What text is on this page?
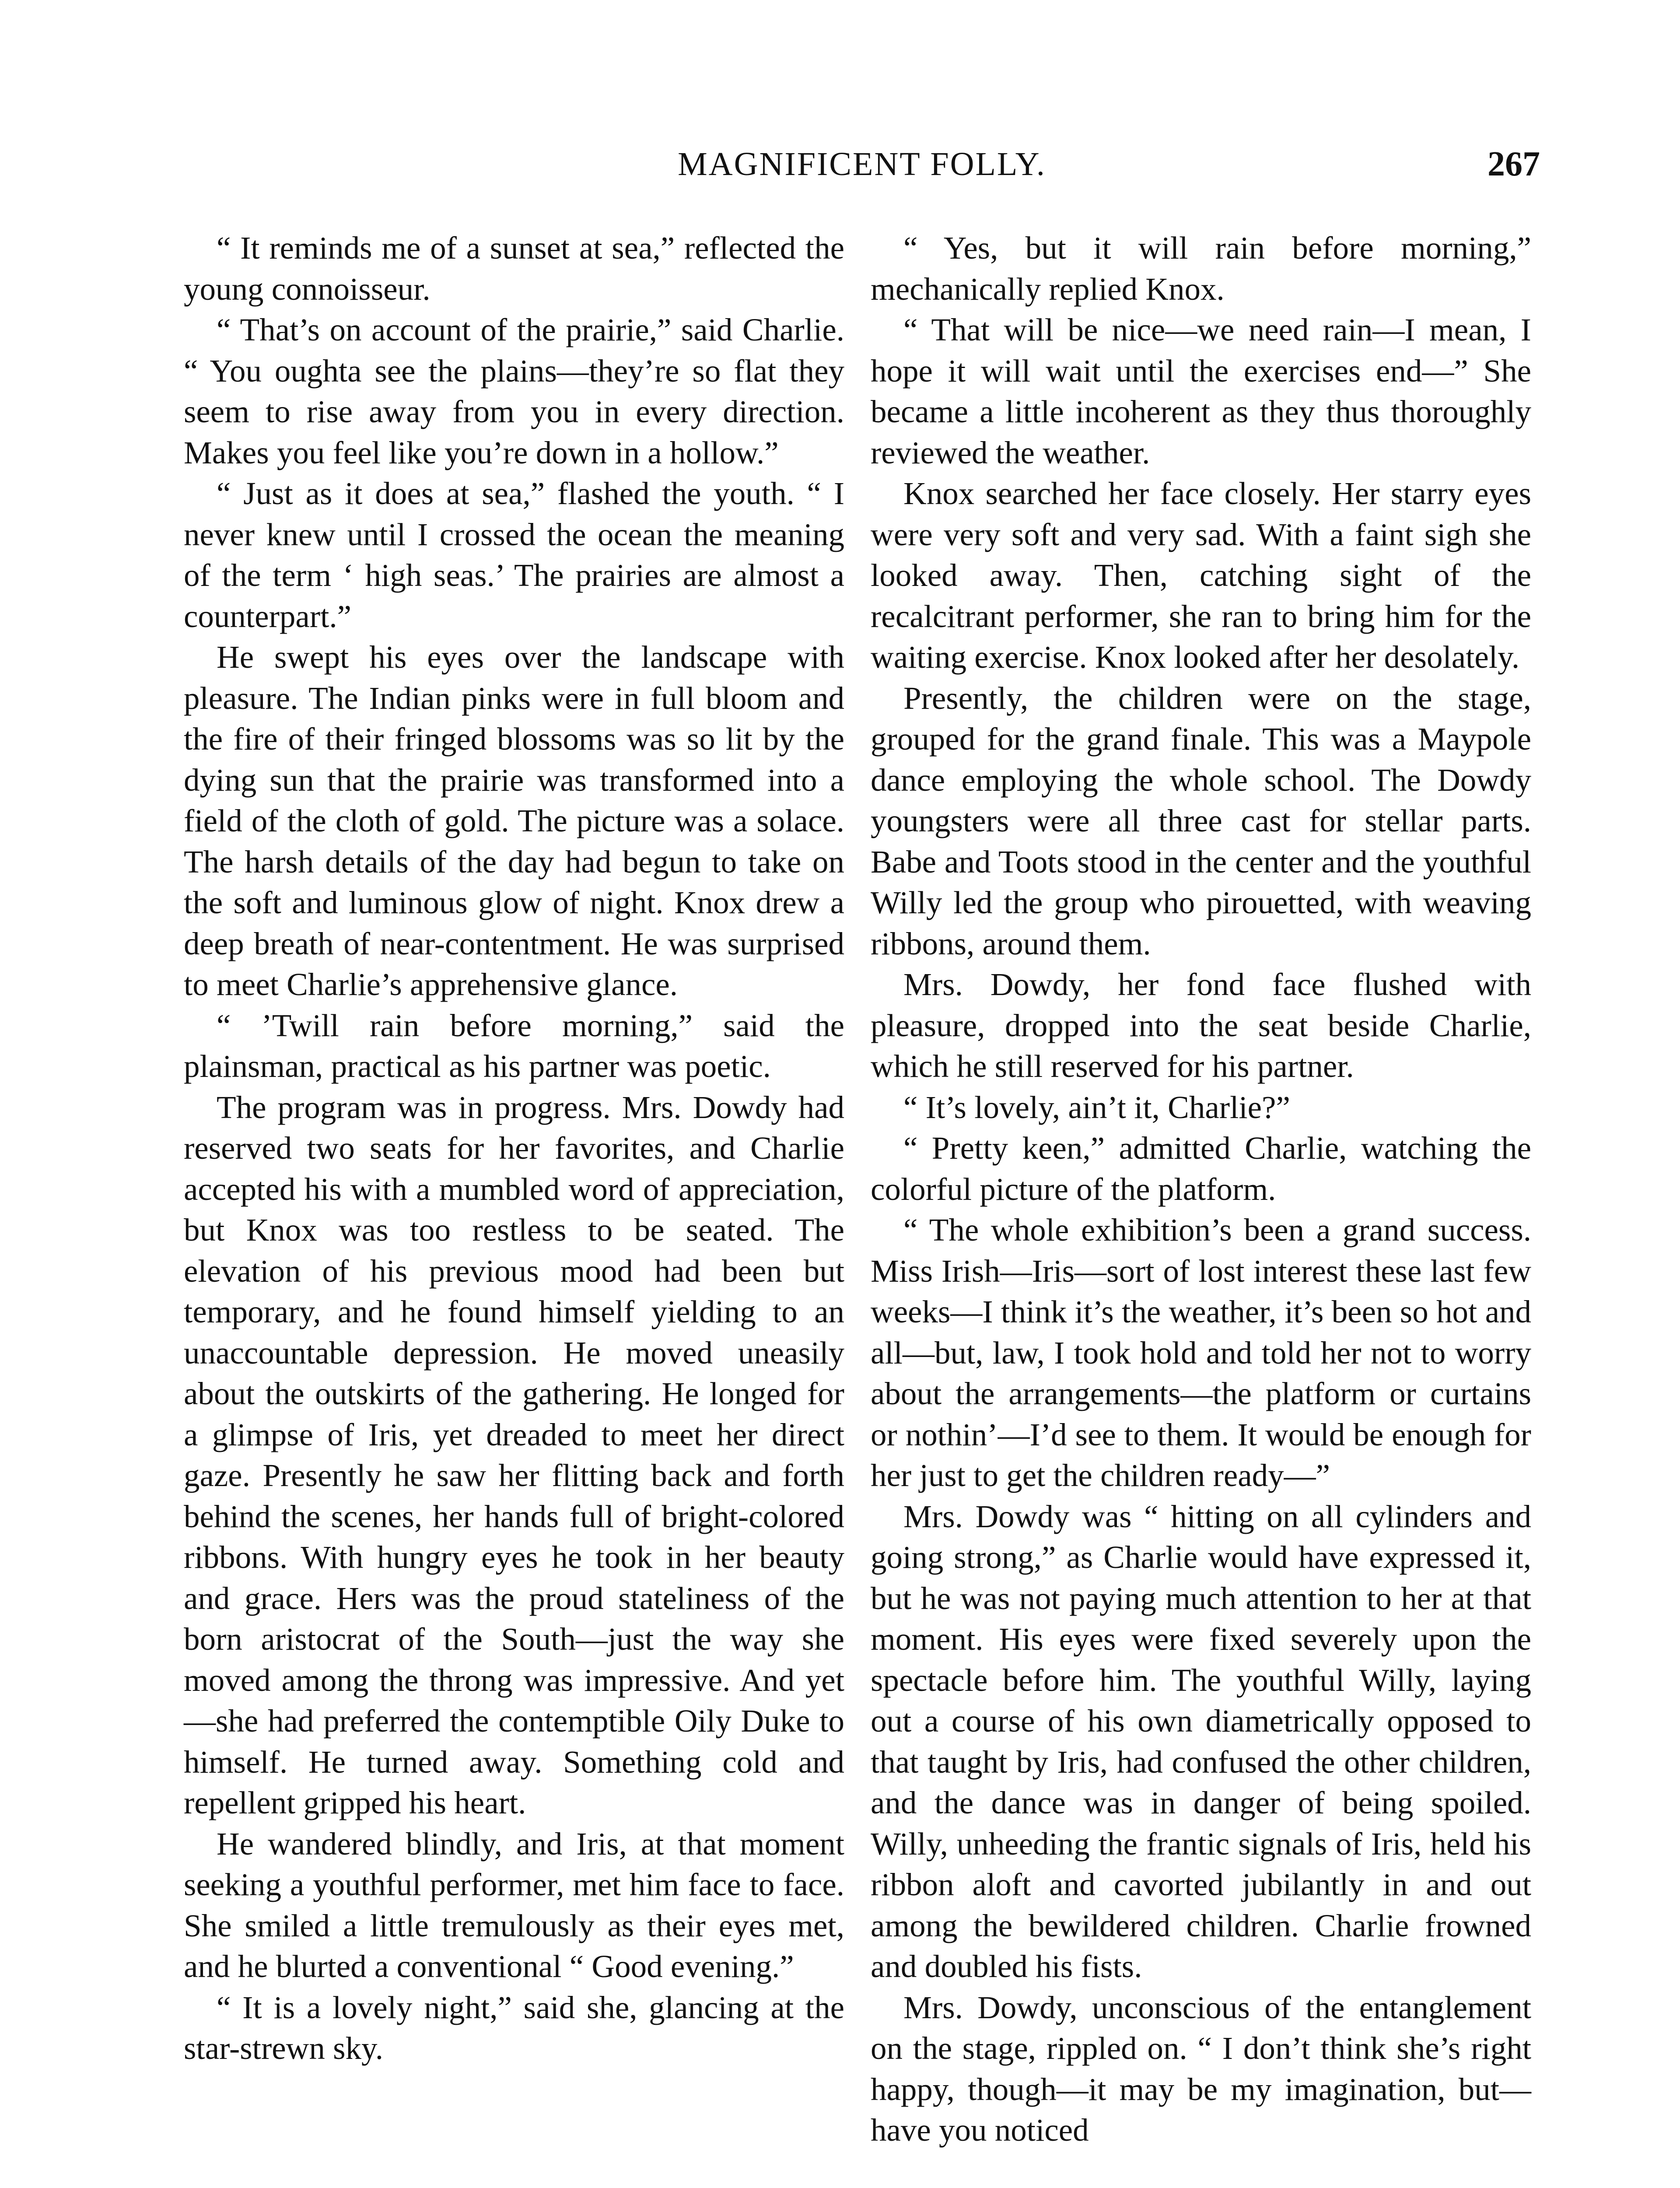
MAGNIFICENT FOLLY.	267

“ It reminds me of a sunset at sea,” reflected the young connoisseur.

“ That’s on account of the prairie,” said Charlie. “ You oughta see the plains—they’re so flat they seem to rise away from you in every direction. Makes you feel like you’re down in a hollow.”

“ Just as it does at sea,” flashed the youth. “ I never knew until I crossed the ocean the meaning of the term ‘ high seas.’ The prairies are almost a counterpart.”

He swept his eyes over the landscape with pleasure. The Indian pinks were in full bloom and the fire of their fringed blossoms was so lit by the dying sun that the prairie was transformed into a field of the cloth of gold. The picture was a solace. The harsh details of the day had begun to take on the soft and luminous glow of night. Knox drew a deep breath of near-contentment. He was surprised to meet Charlie’s apprehensive glance.

“ ’Twill rain before morning,” said the plainsman, practical as his partner was poetic.

The program was in progress. Mrs. Dowdy had reserved two seats for her favorites, and Charlie accepted his with a mumbled word of appreciation, but Knox was too restless to be seated. The elevation of his previous mood had been but temporary, and he found himself yielding to an unaccountable depression. He moved uneasily about the outskirts of the gathering. He longed for a glimpse of Iris, yet dreaded to meet her direct gaze. Presently he saw her flitting back and forth behind the scenes, her hands full of bright-colored ribbons. With hungry eyes he took in her beauty and grace. Hers was the proud stateliness of the born aristocrat of the South—just the way she moved among the throng was impressive. And yet—she had preferred the contemptible Oily Duke to himself. He turned away. Something cold and repellent gripped his heart.

He wandered blindly, and Iris, at that moment seeking a youthful performer, met him face to face. She smiled a little tremulously as their eyes met, and he blurted a conventional “ Good evening.”

“ It is a lovely night,” said she, glancing at the star-strewn sky.

“ Yes, but it will rain before morning,” mechanically replied Knox.

“ That will be nice—we need rain—I mean, I hope it will wait until the exercises end—” She became a little incoherent as they thus thoroughly reviewed the weather.

Knox searched her face closely. Her starry eyes were very soft and very sad. With a faint sigh she looked away. Then, catching sight of the recalcitrant performer, she ran to bring him for the waiting exercise. Knox looked after her desolately.

Presently, the children were on the stage, grouped for the grand finale. This was a Maypole dance employing the whole school. The Dowdy youngsters were all three cast for stellar parts. Babe and Toots stood in the center and the youthful Willy led the group who pirouetted, with weaving ribbons, around them.

Mrs. Dowdy, her fond face flushed with pleasure, dropped into the seat beside Charlie, which he still reserved for his partner.

“ It’s lovely, ain’t it, Charlie?”

“ Pretty keen,” admitted Charlie, watching the colorful picture of the platform.

“ The whole exhibition’s been a grand success. Miss Irish—Iris—sort of lost interest these last few weeks—I think it’s the weather, it’s been so hot and all—but, law, I took hold and told her not to worry about the arrangements—the platform or curtains or nothin’—I’d see to them. It would be enough for her just to get the children ready—”

Mrs. Dowdy was “ hitting on all cylinders and going strong,” as Charlie would have expressed it, but he was not paying much attention to her at that moment. His eyes were fixed severely upon the spectacle before him. The youthful Willy, laying out a course of his own diametrically opposed to that taught by Iris, had confused the other children, and the dance was in danger of being spoiled. Willy, unheeding the frantic signals of Iris, held his ribbon aloft and cavorted jubilantly in and out among the bewildered children. Charlie frowned and doubled his fists.

Mrs. Dowdy, unconscious of the entanglement on the stage, rippled on. “ I don’t think she’s right happy, though—it may be my imagination, but—have you noticed
